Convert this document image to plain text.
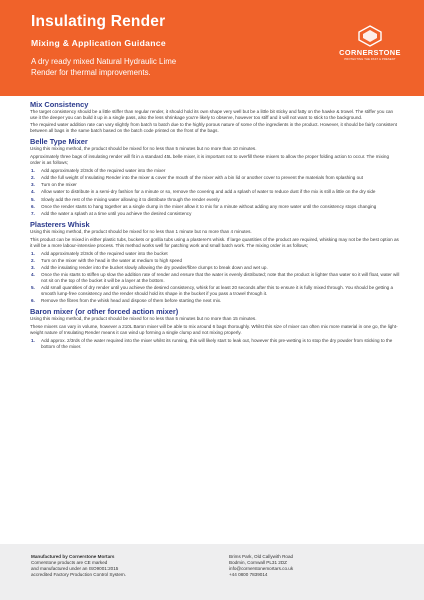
Insulating Render
Mixing & Application Guidance
A dry ready mixed Natural Hydraulic Lime
Render for thermal improvements.
CORNERSTONE
PROTECTING THE PAST & PRESENT
Mix Consistency

The target consistency should be a little stiffer than regular render, it should hold its own shape very well but be a little bit sticky and fatty on the hawke & trowel. The stiffer you can use it the deeper you can build it up in a single pass, also the less shrinkage you're likely to observe, however too stiff and it will not want to stick to the background.

The required water addition rate can vary slightly from batch to batch due to the highly porous nature of some of the ingredients in the product. However, it should be fairly consistent between all bags in the same batch based on the batch code printed on the front of the bags.

Belle Type Mixer

Using this mixing method, the product should be mixed for no less than 5 minutes but no more than 10 minutes.

Approximately three bags of insulating render will fit in a standard 45L belle mixer, it is important not to overfill these mixers to allow the proper folding action to occur. The mixing order is as follows;

1. Add approximately 2/3rds of the required water into the mixer
2. Add the full weight of Insulating Render into the mixer & cover the mouth of the mixer with a bin lid or another cover to prevent the materials from splashing out
3. Turn on the mixer
4. Allow water to distribute in a semi-dry fashion for a minute or so, remove the covering and add a splash of water to reduce dust if the mix is still a little on the dry side
5. Slowly add the rest of the mixing water allowing it to distribute through the render evenly
6. Once the render starts to hang together as a single clump in the mixer allow it to mix for a minute without adding any more water until the consistency stops changing
7. Add the water a splash at a time until you achieve the desired consistency
Plasterers Whisk

Using this mixing method, the product should be mixed for no less than 1 minute but no more than 4 minutes.

This product can be mixed in either plastic tubs, buckets or gorilla tubs using a plasterer's whisk. If large quantities of the product are required, whisking may not be the best option as it will be a more labour-intensive process. This method works well for patching work and small batch work. The mixing order is as follows;

1. Add approximately 2/3rds of the required water into the bucket
2. Turn on the mixer with the head in the water at medium to high speed
3. Add the insulating render into the bucket slowly allowing the dry powder/fibre clumps to break down and wet up.
4. Once the mix starts to stiffen up slow the addition rate of render and ensure that the water is evenly distributed; note that the product is lighter than water so it will float, water will not sit on the top of the bucket it will be a layer at the bottom.
5. Add small quantities of dry render until you achieve the desired consistency, whisk for at least 20 seconds after this to ensure it is fully mixed through. You should be getting a smooth lump-free consistency and the render should hold its shape in the bucket if you pass a trowel through it.
6. Remove the fibres from the whisk head and dispose of them before starting the next mix.
Baron mixer (or other forced action mixer)

Using this mixing method, the product should be mixed for no less than 5 minutes but no more than 15 minutes.

These mixers can vary in volume, however a 210L Baron mixer will be able to mix around 6 bags thoroughly. Whilst this size of mixer can often mix more material in one go, the light-weight nature of Insulating Render means it can wind up forming a single clump and not mixing properly.

1. Add approx. 2/3rds of the water required into the mixer whilst its running, this will likely start to leak out, however this pre-wetting is to stop the dry powder from sticking to the bottom of the mixer.
Manufactured by Cornerstone Mortars
Cornerstone products are CE marked
and manufactured under an ISO9001:2015
accredited Factory Production Control System.
Brims Park, Old Callywith Road
Bodmin, Cornwall PL31 2DZ
info@cornerstonemortars.co.uk
+44 0800 7839014
